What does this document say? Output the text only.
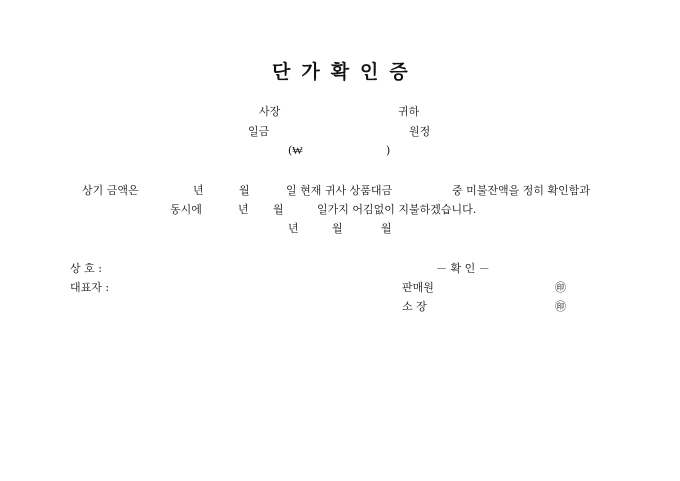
단가확인증
사장	귀하
일금	원정
(₩	)
상기 금액은	년	월	일 현재 귀사 상품대금	중 미불잔액을 정히 확인함과
동시에	년 월	일가지 어김없이 지불하겠습니다.
년	월	월
상 호 :
대표자 :
－ 확 인 －
판매원	㊞
소 장	㊞
